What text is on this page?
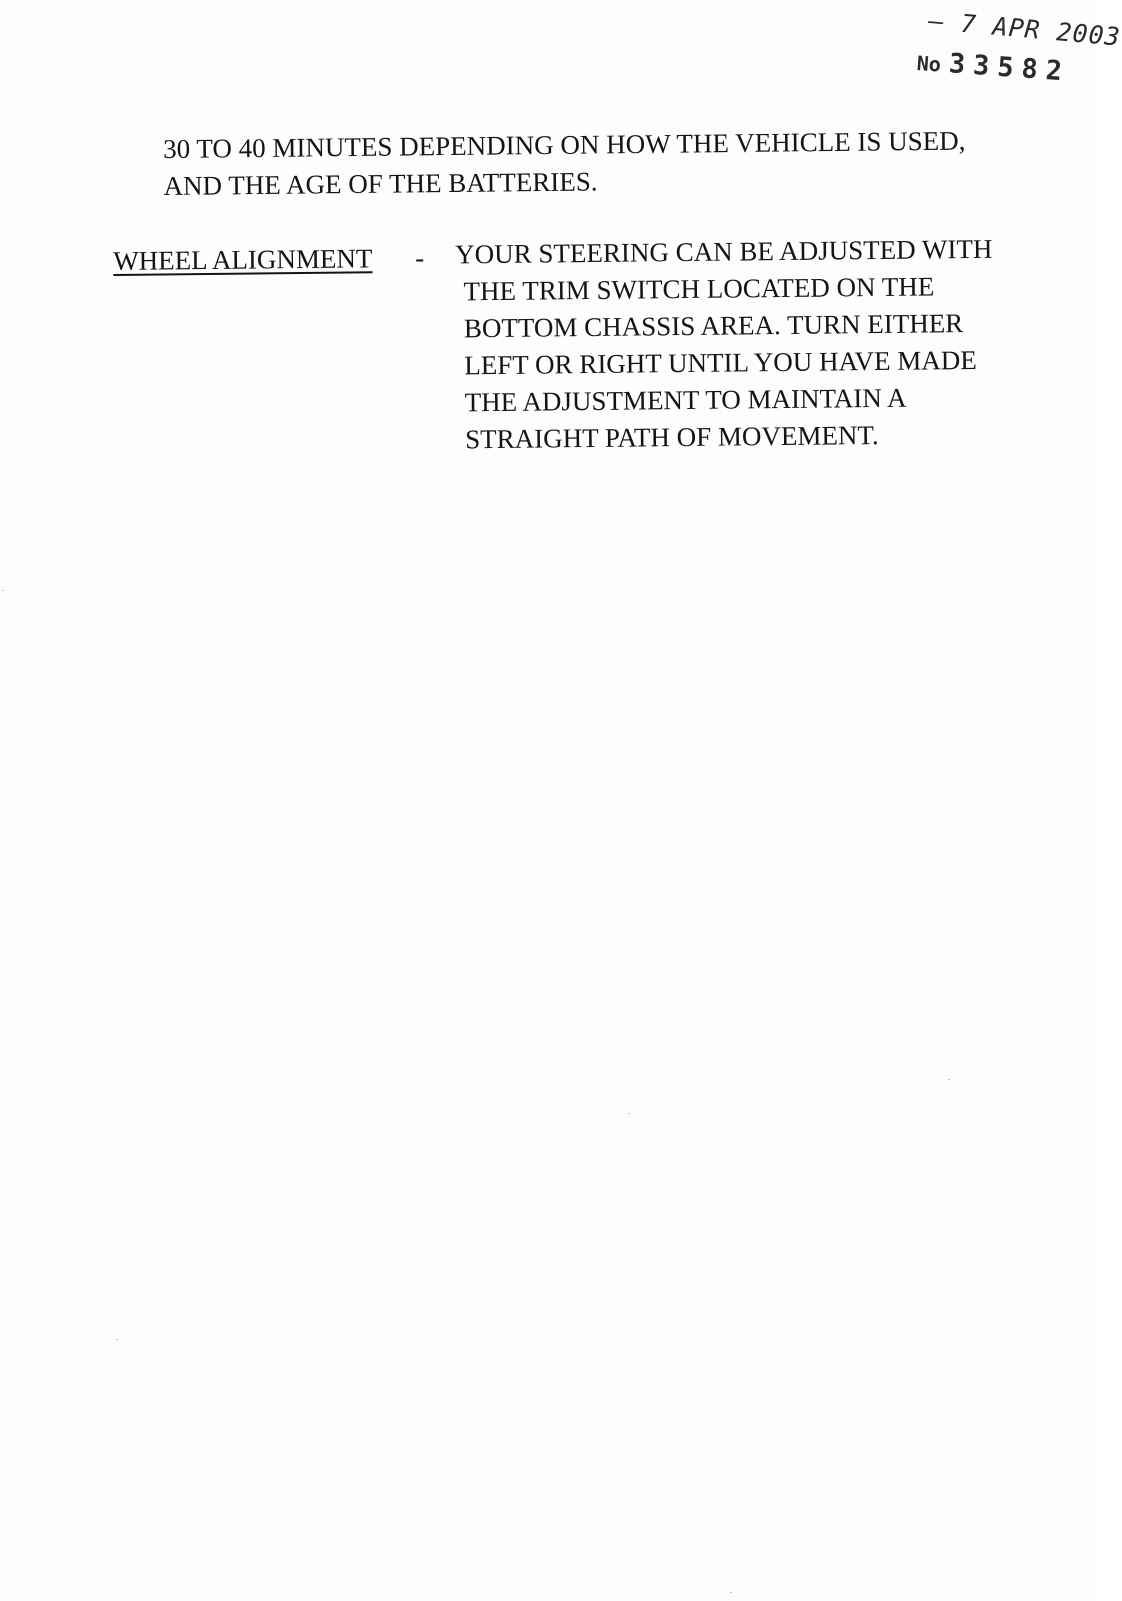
– 7 APR 2003
No 33582
30 TO 40 MINUTES DEPENDING ON HOW THE VEHICLE IS USED,
AND THE AGE OF THE BATTERIES.
WHEEL ALIGNMENT - YOUR STEERING CAN BE ADJUSTED WITH
THE TRIM SWITCH LOCATED ON THE
BOTTOM CHASSIS AREA. TURN EITHER
LEFT OR RIGHT UNTIL YOU HAVE MADE
THE ADJUSTMENT TO MAINTAIN A
STRAIGHT PATH OF MOVEMENT.
